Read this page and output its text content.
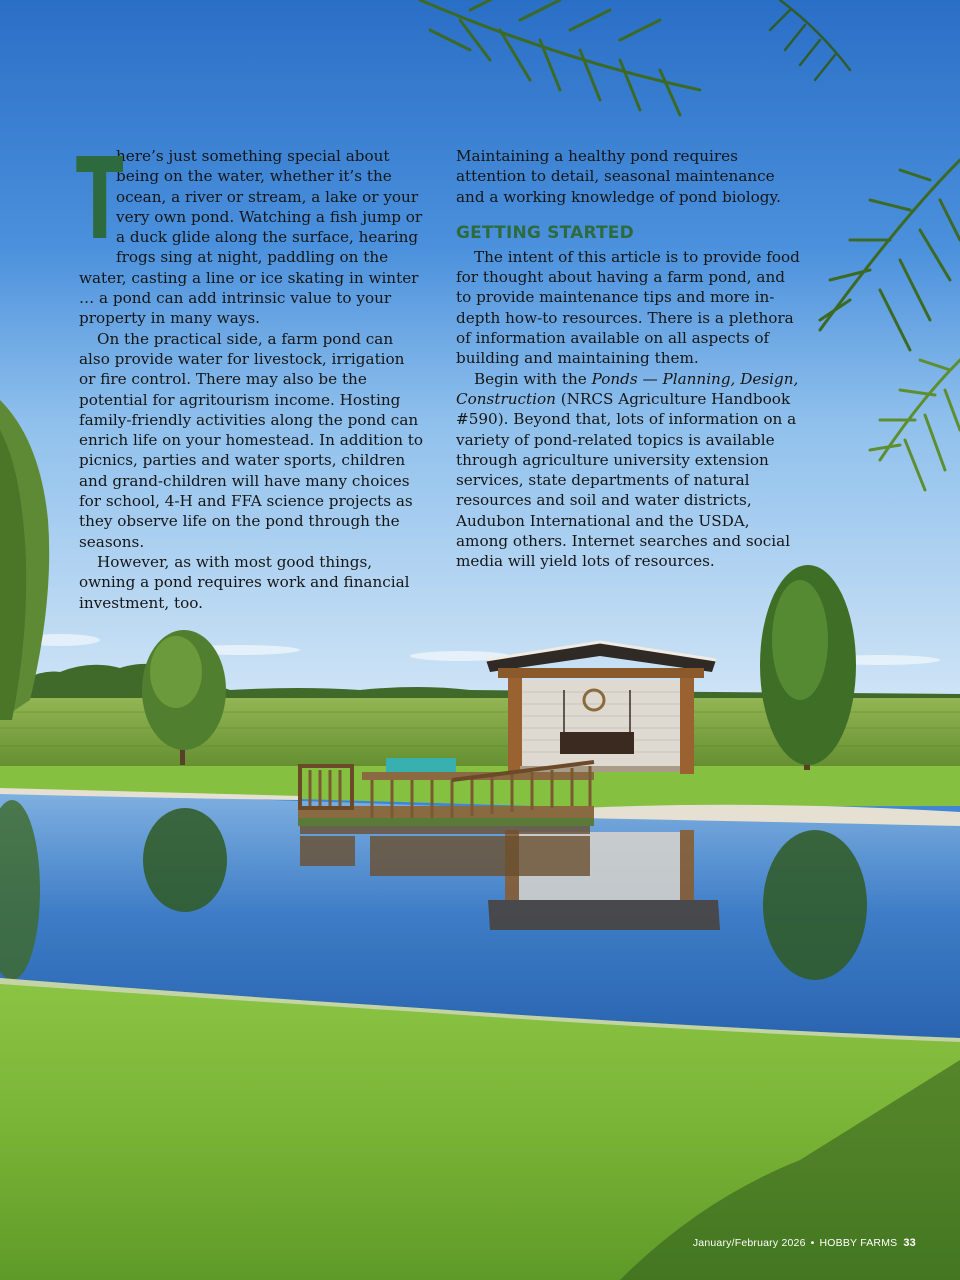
T
here’s just something special about being on the water, whether it’s the ocean, a river or stream, a lake or your very own pond. Watching a fish jump or a duck glide along the surface, hearing frogs sing at night, paddling on the water, casting a line or ice skating in winter … a pond can add intrinsic value to your property in many ways.

On the practical side, a farm pond can also provide water for livestock, irrigation or fire control. There may also be the potential for agritourism income. Hosting family-friendly activities along the pond can enrich life on your homestead. In addition to picnics, parties and water sports, children and grand-children will have many choices for school, 4-H and FFA science projects as they observe life on the pond through the seasons.

However, as with most good things, owning a pond requires work and financial investment, too.

Maintaining a healthy pond requires attention to detail, seasonal maintenance and a working knowledge of pond biology.

GETTING STARTED

The intent of this article is to provide food for thought about having a farm pond, and to provide maintenance tips and more in-depth how-to resources. There is a plethora of information available on all aspects of building and maintaining them.

Begin with the Ponds — Planning, Design, Construction (NRCS Agriculture Handbook #590). Beyond that, lots of information on a variety of pond-related topics is available through agriculture university extension services, state departments of natural resources and soil and water districts, Audubon International and the USDA, among others. Internet searches and social media will yield lots of resources.

January/February 2026 • HOBBY FARMS 33
